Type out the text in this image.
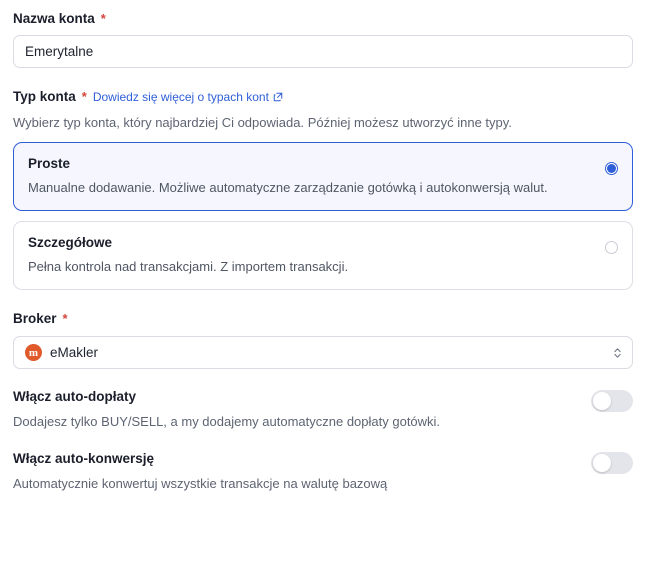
Nazwa konta *
Emerytalne
Typ konta * Dowiedz się więcej o typach kont
Wybierz typ konta, który najbardziej Ci odpowiada. Później możesz utworzyć inne typy.
Proste
Manualne dodawanie. Możliwe automatyczne zarządzanie gotówką i autokonwersją walut.
Szczegółowe
Pełna kontrola nad transakcjami. Z importem transakcji.
Broker *
m eMakler
Włącz auto-dopłaty
Dodajesz tylko BUY/SELL, a my dodajemy automatyczne dopłaty gotówki.
Włącz auto-konwersję
Automatycznie konwertuj wszystkie transakcje na walutę bazową
